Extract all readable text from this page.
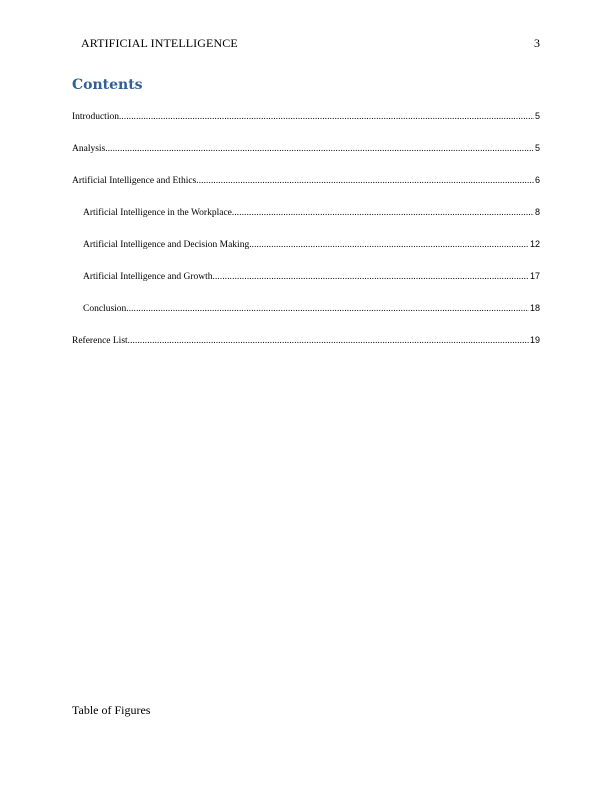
ARTIFICIAL INTELLIGENCE	3
Contents
Introduction .....	5
Analysis .....	5
Artificial Intelligence and Ethics .....	6
Artificial Intelligence in the Workplace .....	8
Artificial Intelligence and Decision Making .....	12
Artificial Intelligence and Growth .....	17
Conclusion .....	18
Reference List .....	19
Table of Figures
